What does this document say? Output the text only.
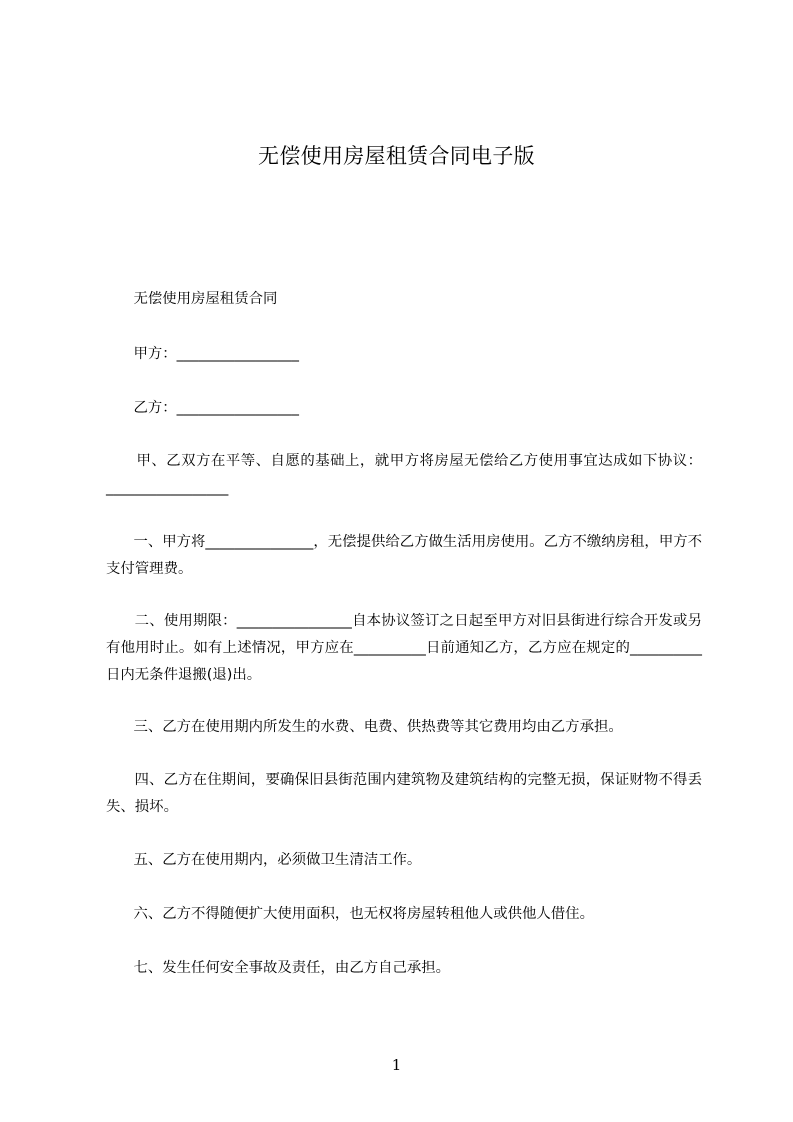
无偿使用房屋租赁合同电子版
无偿使用房屋租赁合同
甲方：_________________
乙方：_________________
甲、乙双方在平等、自愿的基础上，就甲方将房屋无偿给乙方使用事宜达成如下协议：_________________
一、甲方将_______________，无偿提供给乙方做生活用房使用。乙方不缴纳房租，甲方不支付管理费。
二、使用期限：________________自本协议签订之日起至甲方对旧县街进行综合开发或另有他用时止。如有上述情况，甲方应在__________日前通知乙方，乙方应在规定的__________日内无条件退搬(退)出。
三、乙方在使用期内所发生的水费、电费、供热费等其它费用均由乙方承担。
四、乙方在住期间，要确保旧县街范围内建筑物及建筑结构的完整无损，保证财物不得丢失、损坏。
五、乙方在使用期内，必须做卫生清洁工作。
六、乙方不得随便扩大使用面积，也无权将房屋转租他人或供他人借住。
七、发生任何安全事故及责任，由乙方自己承担。
1
